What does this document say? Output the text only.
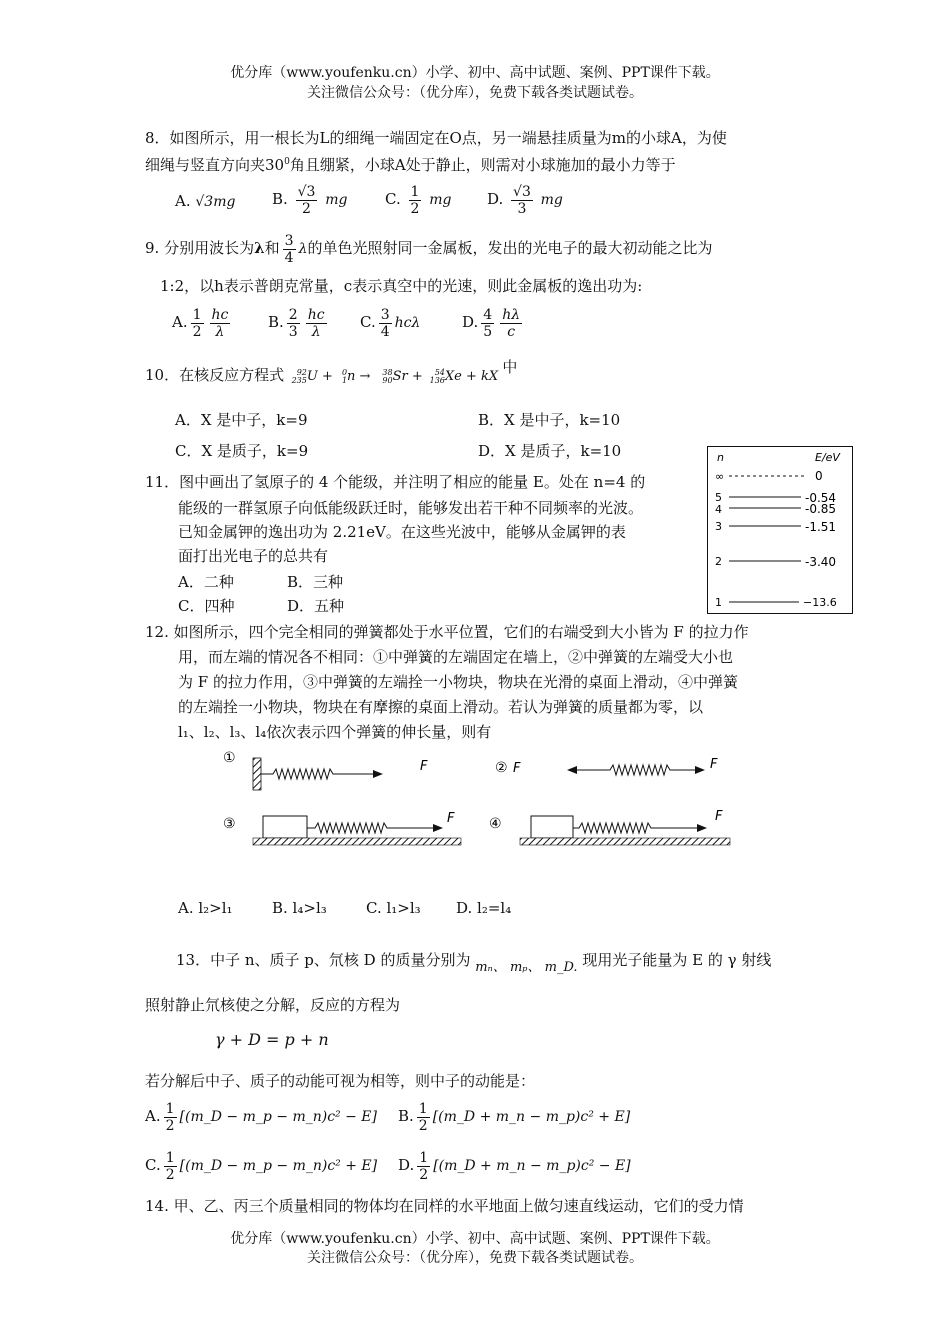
优分库（www.youfenku.cn）小学、初中、高中试题、案例、PPT课件下载。
关注微信公众号：（优分库），免费下载各类试题试卷。
8．如图所示，用一根长为L的细绳一端固定在O点，另一端悬挂质量为m的小球A，为使
细绳与竖直方向夹$30^0$角且绷紧，小球A处于静止，则需对小球施加的最小力等于
A. √3mg B. $\frac{√3}{2}$ mg	C. $\frac{1}{2}$ mg D. $\frac{√3}{3}$ mg
9. 分别用波长为λ和 $\frac{3}{4}$ λ的单色光照射同一金属板，发出的光电子的最大初动能之比为
1:2，以h表示普朗克常量，c表示真空中的光速，则此金属板的逸出功为:
A. $\frac{1}{2} \frac{hc}{\lambda}$	B. $\frac{2}{3} \frac{hc}{\lambda} C$. $\frac{3}{4}$ hcλ	D. $\frac{4}{5} \frac{h\lambda}{c}$
10．在核反应方程式 235
92 U + 1
0 n → 90
38 Sr + 136
54 Xe + kX 中
A．X 是中子，k=9	B．X 是中子，k=10
C．X 是质子，k=9	D．X 是质子，k=10
11．图中画出了氢原子的 4 个能级，并注明了相应的能量 E。处在 n=4 的
能级的一群氢原子向低能级跃迁时，能够发出若干种不同频率的光波。
已知金属钾的逸出功为 2.21eV。在这些光波中，能够从金属钾的表
面打出光电子的总共有
A．二种	B．三种
C．四种	D．五种
n	E/eV
∞	0
5	-0.54
4	-0.85
3	-1.51
2	-3.40
1	−13.6
12. 如图所示，四个完全相同的弹簧都处于水平位置，它们的右端受到大小皆为 F 的拉力作
用，而左端的情况各不相同：①中弹簧的左端固定在墙上，②中弹簧的左端受大小也
为 F 的拉力作用，③中弹簧的左端拴一小物块，物块在光滑的桌面上滑动，④中弹簧
的左端拴一小物块，物块在有摩擦的桌面上滑动。若认为弹簧的质量都为零，以
l₁、l₂、l₃、l₄依次表示四个弹簧的伸长量，则有
①
F	② F	F
③	F ④	F
A. l₂>l₁	B. l₄>l₃	C. l₁>l₃ D. l₂=l₄
13．中子 n、质子 p、氘核 D 的质量分别为 mₙ、 mₚ、 m_D. 现用光子能量为 E 的 γ 射线
照射静止氘核使之分解，反应的方程为
γ + D = p + n
若分解后中子、质子的动能可视为相等，则中子的动能是：
A. $\frac{1}{2}$ [(m_D − m_p − m_n)c² − E] B. $\frac{1}{2}$ [(m_D + m_n − m_p)c² + E]
C. $\frac{1}{2}$ [(m_D − m_p − m_n)c² + E] D. $\frac{1}{2}$ [(m_D + m_n − m_p)c² − E]
14. 甲、乙、丙三个质量相同的物体均在同样的水平地面上做匀速直线运动，它们的受力情
优分库（www.youfenku.cn）小学、初中、高中试题、案例、PPT课件下载。
关注微信公众号：（优分库），免费下载各类试题试卷。
